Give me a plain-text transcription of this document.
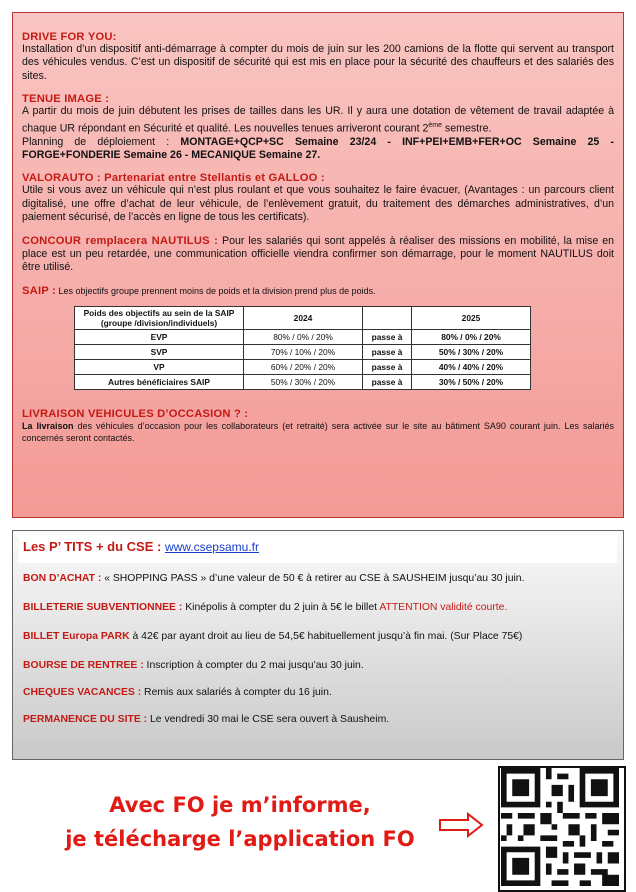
DRIVE FOR YOU:
Installation d’un dispositif anti-démarrage à compter du mois de juin sur les 200 camions de la flotte qui servent au transport des véhicules vendus. C’est un dispositif de sécurité qui est mis en place pour la sécurité des chauffeurs et des salariés des sites.
TENUE IMAGE :
A partir du mois de juin débutent les prises de tailles dans les UR. Il y aura une dotation de vêtement de travail adaptée à chaque UR répondant en Sécurité et qualité. Les nouvelles tenues arriveront courant 2ème semestre.
Planning de déploiement : MONTAGE+QCP+SC Semaine 23/24 - INF+PEI+EMB+FER+OC Semaine 25 - FORGE+FONDERIE Semaine 26 - MECANIQUE Semaine 27.
VALORAUTO : Partenariat entre Stellantis et GALLOO :
Utile si vous avez un véhicule qui n’est plus roulant et que vous souhaitez le faire évacuer, (Avantages : un parcours client digitalisé, une offre d’achat de leur véhicule, de l’enlèvement gratuit, du traitement des démarches administratives, d’un paiement sécurisé, de l’accès en ligne de tous les certificats).
CONCOUR remplacera NAUTILUS : Pour les salariés qui sont appelés à réaliser des missions en mobilité, la mise en place est un peu retardée, une communication officielle viendra confirmer son démarrage, pour le moment NAUTILUS doit être utilisé.
SAIP : Les objectifs groupe prennent moins de poids et la division prend plus de poids.
Poids des objectifs au sein de la SAIP (groupe /division/individuels)	2024		2025
EVP	80% / 0% / 20%	passe à	80% / 0% / 20%
SVP	70% / 10% / 20%	passe à	50% / 30% / 20%
VP	60% / 20% / 20%	passe à	40% / 40% / 20%
Autres bénéficiaires SAIP	50% / 30% / 20%	passe à	30% / 50% / 20%
LIVRAISON VEHICULES D’OCCASION ? :
La livraison des véhicules d’occasion pour les collaborateurs (et retraité) sera activée sur le site au bâtiment SA90 courant juin. Les salariés concernés seront contactés.
Les P’ TITS + du CSE : www.csepsamu.fr
BON D’ACHAT : « SHOPPING PASS » d’une valeur de 50 € à retirer au CSE à SAUSHEIM jusqu’au 30 juin.
BILLETERIE SUBVENTIONNEE : Kinépolis à compter du 2 juin à 5€ le billet ATTENTION validité courte.
BILLET Europa PARK à 42€ par ayant droit au lieu de 54,5€ habituellement jusqu’à fin mai. (Sur Place 75€)
BOURSE DE RENTREE : Inscription à compter du 2 mai jusqu’au 30 juin.
CHEQUES VACANCES : Remis aux salariés à compter du 16 juin.
PERMANENCE DU SITE : Le vendredi 30 mai le CSE sera ouvert à Sausheim.
Avec FO je m’informe,
je télécharge l’application FO
